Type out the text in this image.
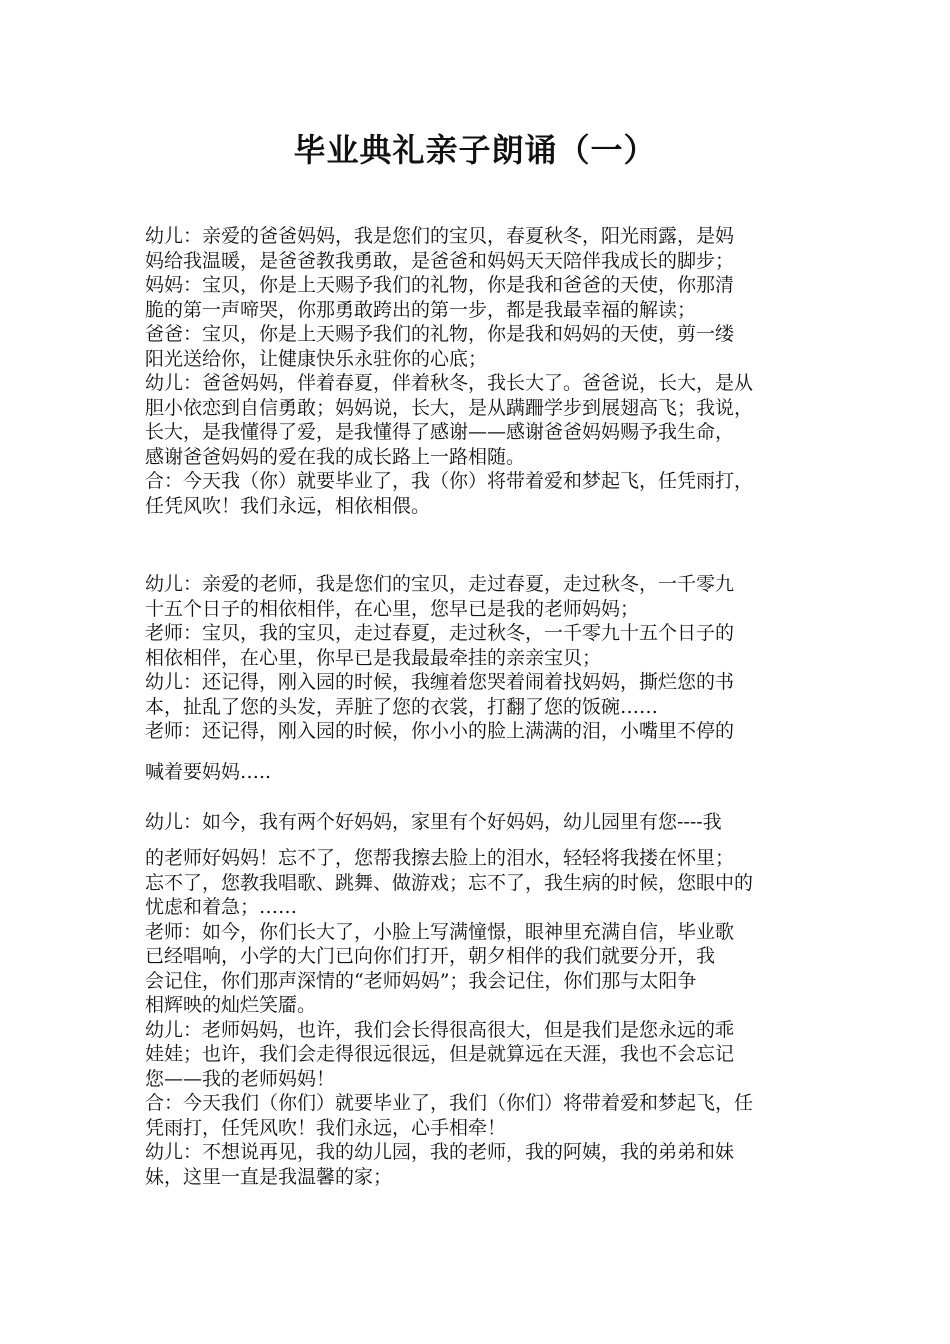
毕业典礼亲子朗诵（一）
幼儿：亲爱的爸爸妈妈，我是您们的宝贝，春夏秋冬，阳光雨露，是妈
妈给我温暖，是爸爸教我勇敢，是爸爸和妈妈天天陪伴我成长的脚步；
妈妈：宝贝，你是上天赐予我们的礼物，你是我和爸爸的天使，你那清
脆的第一声啼哭，你那勇敢跨出的第一步，都是我最幸福的解读；
爸爸：宝贝，你是上天赐予我们的礼物，你是我和妈妈的天使，剪一缕
阳光送给你，让健康快乐永驻你的心底；
幼儿：爸爸妈妈，伴着春夏，伴着秋冬，我长大了。爸爸说，长大，是从
胆小依恋到自信勇敢；妈妈说，长大，是从蹒跚学步到展翅高飞；我说，
长大，是我懂得了爱，是我懂得了感谢——感谢爸爸妈妈赐予我生命，
感谢爸爸妈妈的爱在我的成长路上一路相随。
合：今天我（你）就要毕业了，我（你）将带着爱和梦起飞，任凭雨打，
任凭风吹！我们永远，相依相偎。
幼儿：亲爱的老师，我是您们的宝贝，走过春夏，走过秋冬，一千零九
十五个日子的相依相伴，在心里，您早已是我的老师妈妈；
老师：宝贝，我的宝贝，走过春夏，走过秋冬，一千零九十五个日子的
相依相伴，在心里，你早已是我最最牵挂的亲亲宝贝；
幼儿：还记得，刚入园的时候，我缠着您哭着闹着找妈妈，撕烂您的书
本，扯乱了您的头发，弄脏了您的衣裳，打翻了您的饭碗……
老师：还记得，刚入园的时候，你小小的脸上满满的泪，小嘴里不停的
喊着要妈妈…..
幼儿：如今，我有两个好妈妈，家里有个好妈妈，幼儿园里有您----我
的老师好妈妈！忘不了，您帮我擦去脸上的泪水，轻轻将我搂在怀里；
忘不了，您教我唱歌、跳舞、做游戏；忘不了，我生病的时候，您眼中的
忧虑和着急；……
老师：如今，你们长大了，小脸上写满憧憬，眼神里充满自信，毕业歌
已经唱响，小学的大门已向你们打开，朝夕相伴的我们就要分开，我
会记住，你们那声深情的“老师妈妈”；我会记住，你们那与太阳争
相辉映的灿烂笑靥。
幼儿：老师妈妈，也许，我们会长得很高很大，但是我们是您永远的乖
娃娃；也许，我们会走得很远很远，但是就算远在天涯，我也不会忘记
您——我的老师妈妈！
合：今天我们（你们）就要毕业了，我们（你们）将带着爱和梦起飞，任
凭雨打，任凭风吹！我们永远，心手相牵！
幼儿：不想说再见，我的幼儿园，我的老师，我的阿姨，我的弟弟和妹
妹，这里一直是我温馨的家；
